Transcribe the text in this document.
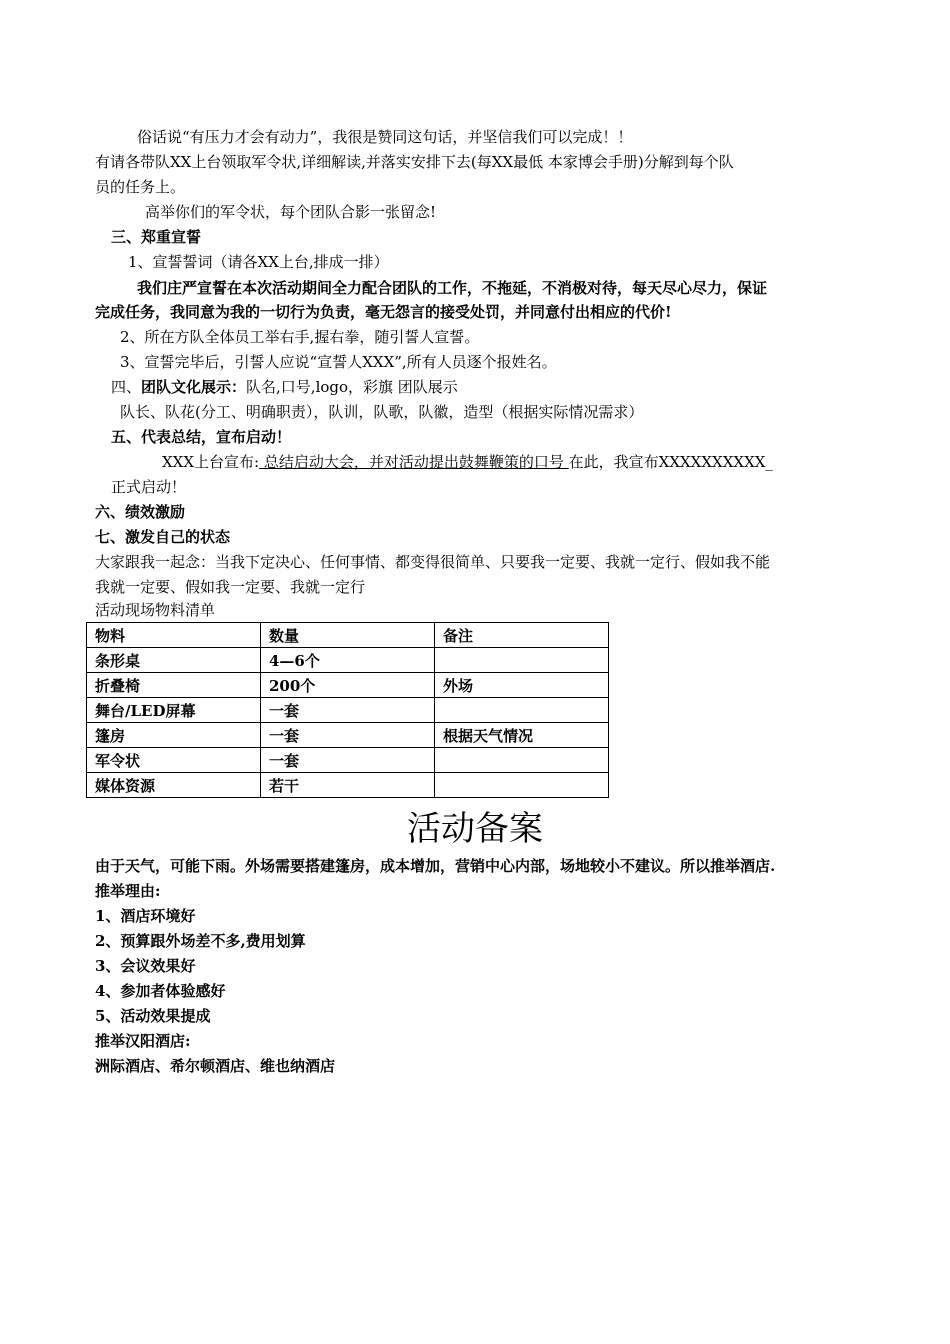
俗话说“有压力才会有动力”，我很是赞同这句话，并坚信我们可以完成！！
有请各带队XX上台领取军令状,详细解读,并落实安排下去(每XX最低 本家博会手册)分解到每个队
员的任务上。
高举你们的军令状，每个团队合影一张留念!
三、郑重宣誓
1、宣誓誓词（请各XX上台,排成一排）
我们庄严宣誓在本次活动期间全力配合团队的工作，不拖延，不消极对待，每天尽心尽力，保证
完成任务，我同意为我的一切行为负责，毫无怨言的接受处罚，并同意付出相应的代价!
2、所在方队全体员工举右手,握右拳，随引誓人宣誓。
3、宣誓完毕后，引誓人应说“宣誓人XXX”,所有人员逐个报姓名。
四、团队文化展示：队名,口号,logo，彩旗 团队展示
队长、队花(分工、明确职责），队训，队歌，队徽，造型（根据实际情况需求）
五、代表总结，宣布启动！
XXX上台宣布: 总结启动大会，并对活动提出鼓舞鞭策的口号 在此，我宣布XXXXXXXXXX_
正式启动！
六、绩效激励
七、激发自己的状态
大家跟我一起念：当我下定决心、任何事情、都变得很简单、只要我一定要、我就一定行、假如我不能
我就一定要、假如我一定要、我就一定行
活动现场物料清单
物料	数量	备注
条形桌	4—6个	
折叠椅	200个	外场
舞台/LED屏幕	一套	
篷房	一套	根据天气情况
军令状	一套	
媒体资源	若干	
活动备案
由于天气，可能下雨。外场需要搭建篷房，成本增加，营销中心内部，场地较小不建议。所以推举酒店.
推举理由:
1、酒店环境好
2、预算跟外场差不多,费用划算
3、会议效果好
4、参加者体验感好
5、活动效果提成
推举汉阳酒店:
洲际酒店、希尔顿酒店、维也纳酒店
